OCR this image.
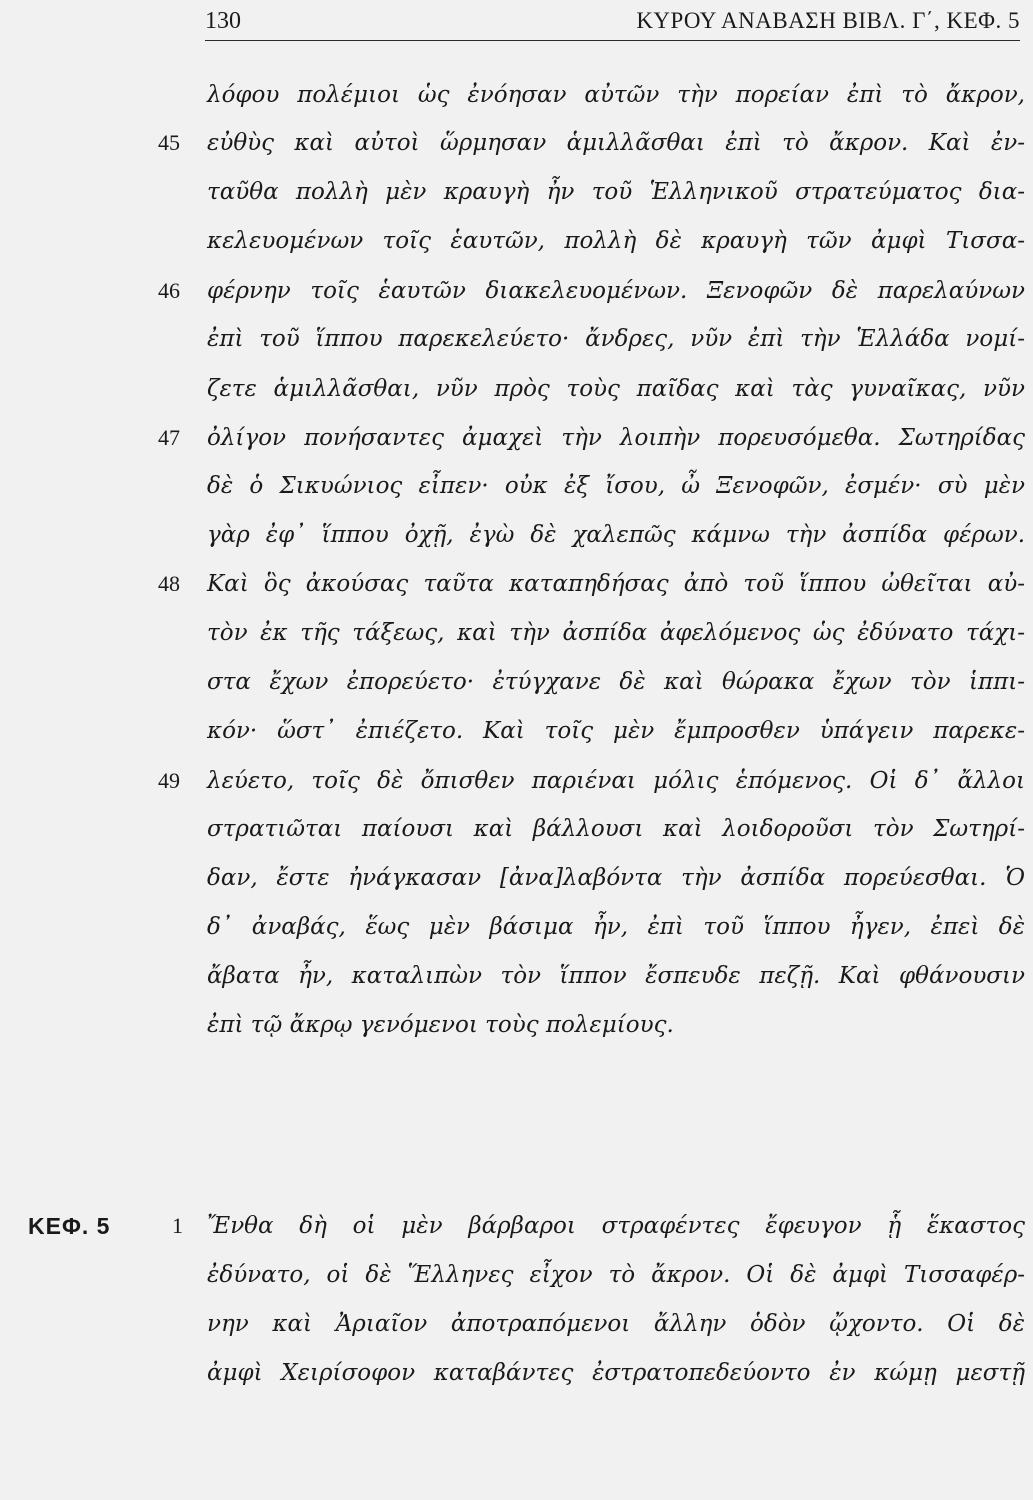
130	ΚΥΡΟΥ ΑΝΑΒΑΣΗ ΒΙΒΛ. Γ΄, ΚΕΦ. 5
45
46
47
48
49
1
ΚΕΦ. 5
λόφου πολέμιοι ὡς ἐνόησαν αὐτῶν τὴν πορείαν ἐπὶ τὸ ἄκρον,
εὐθὺς καὶ αὐτοὶ ὥρμησαν ἁμιλλᾶσθαι ἐπὶ τὸ ἄκρον. Καὶ ἐν-
ταῦθα πολλὴ μὲν κραυγὴ ἦν τοῦ Ἑλληνικοῦ στρατεύματος δια-
κελευομένων τοῖς ἑαυτῶν, πολλὴ δὲ κραυγὴ τῶν ἀμφὶ Τισσα-
φέρνην τοῖς ἑαυτῶν διακελευομένων. Ξενοφῶν δὲ παρελαύνων
ἐπὶ τοῦ ἵππου παρεκελεύετο· ἄνδρες, νῦν ἐπὶ τὴν Ἑλλάδα νομί-
ζετε ἁμιλλᾶσθαι, νῦν πρὸς τοὺς παῖδας καὶ τὰς γυναῖκας, νῦν
ὀλίγον πονήσαντες ἀμαχεὶ τὴν λοιπὴν πορευσόμεθα. Σωτηρίδας
δὲ ὁ Σικυώνιος εἶπεν· οὐκ ἐξ ἴσου, ὦ Ξενοφῶν, ἐσμέν· σὺ μὲν
γὰρ ἐφ᾽ ἵππου ὀχῇ, ἐγὼ δὲ χαλεπῶς κάμνω τὴν ἀσπίδα φέρων.
Καὶ ὃς ἀκούσας ταῦτα καταπηδήσας ἀπὸ τοῦ ἵππου ὠθεῖται αὐ-
τὸν ἐκ τῆς τάξεως, καὶ τὴν ἀσπίδα ἀφελόμενος ὡς ἐδύνατο τάχι-
στα ἔχων ἐπορεύετο· ἐτύγχανε δὲ καὶ θώρακα ἔχων τὸν ἱππι-
κόν· ὥστ᾽ ἐπιέζετο. Καὶ τοῖς μὲν ἔμπροσθεν ὑπάγειν παρεκε-
λεύετο, τοῖς δὲ ὄπισθεν παριέναι μόλις ἑπόμενος. Οἱ δ᾽ ἄλλοι
στρατιῶται παίουσι καὶ βάλλουσι καὶ λοιδοροῦσι τὸν Σωτηρί-
δαν, ἔστε ἠνάγκασαν [ἀνα]λαβόντα τὴν ἀσπίδα πορεύεσθαι. Ὁ
δ᾽ ἀναβάς, ἕως μὲν βάσιμα ἦν, ἐπὶ τοῦ ἵππου ἦγεν, ἐπεὶ δὲ
ἄβατα ἦν, καταλιπὼν τὸν ἵππον ἔσπευδε πεζῇ. Καὶ φθάνουσιν
ἐπὶ τῷ ἄκρῳ γενόμενοι τοὺς πολεμίους.
Ἔνθα δὴ οἱ μὲν βάρβαροι στραφέντες ἔφευγον ᾗ ἕκαστος
ἐδύνατο, οἱ δὲ Ἕλληνες εἶχον τὸ ἄκρον. Οἱ δὲ ἀμφὶ Τισσαφέρ-
νην καὶ Ἀριαῖον ἀποτραπόμενοι ἄλλην ὁδὸν ᾤχοντο. Οἱ δὲ
ἀμφὶ Χειρίσοφον καταβάντες ἐστρατοπεδεύοντο ἐν κώμῃ μεστῇ
